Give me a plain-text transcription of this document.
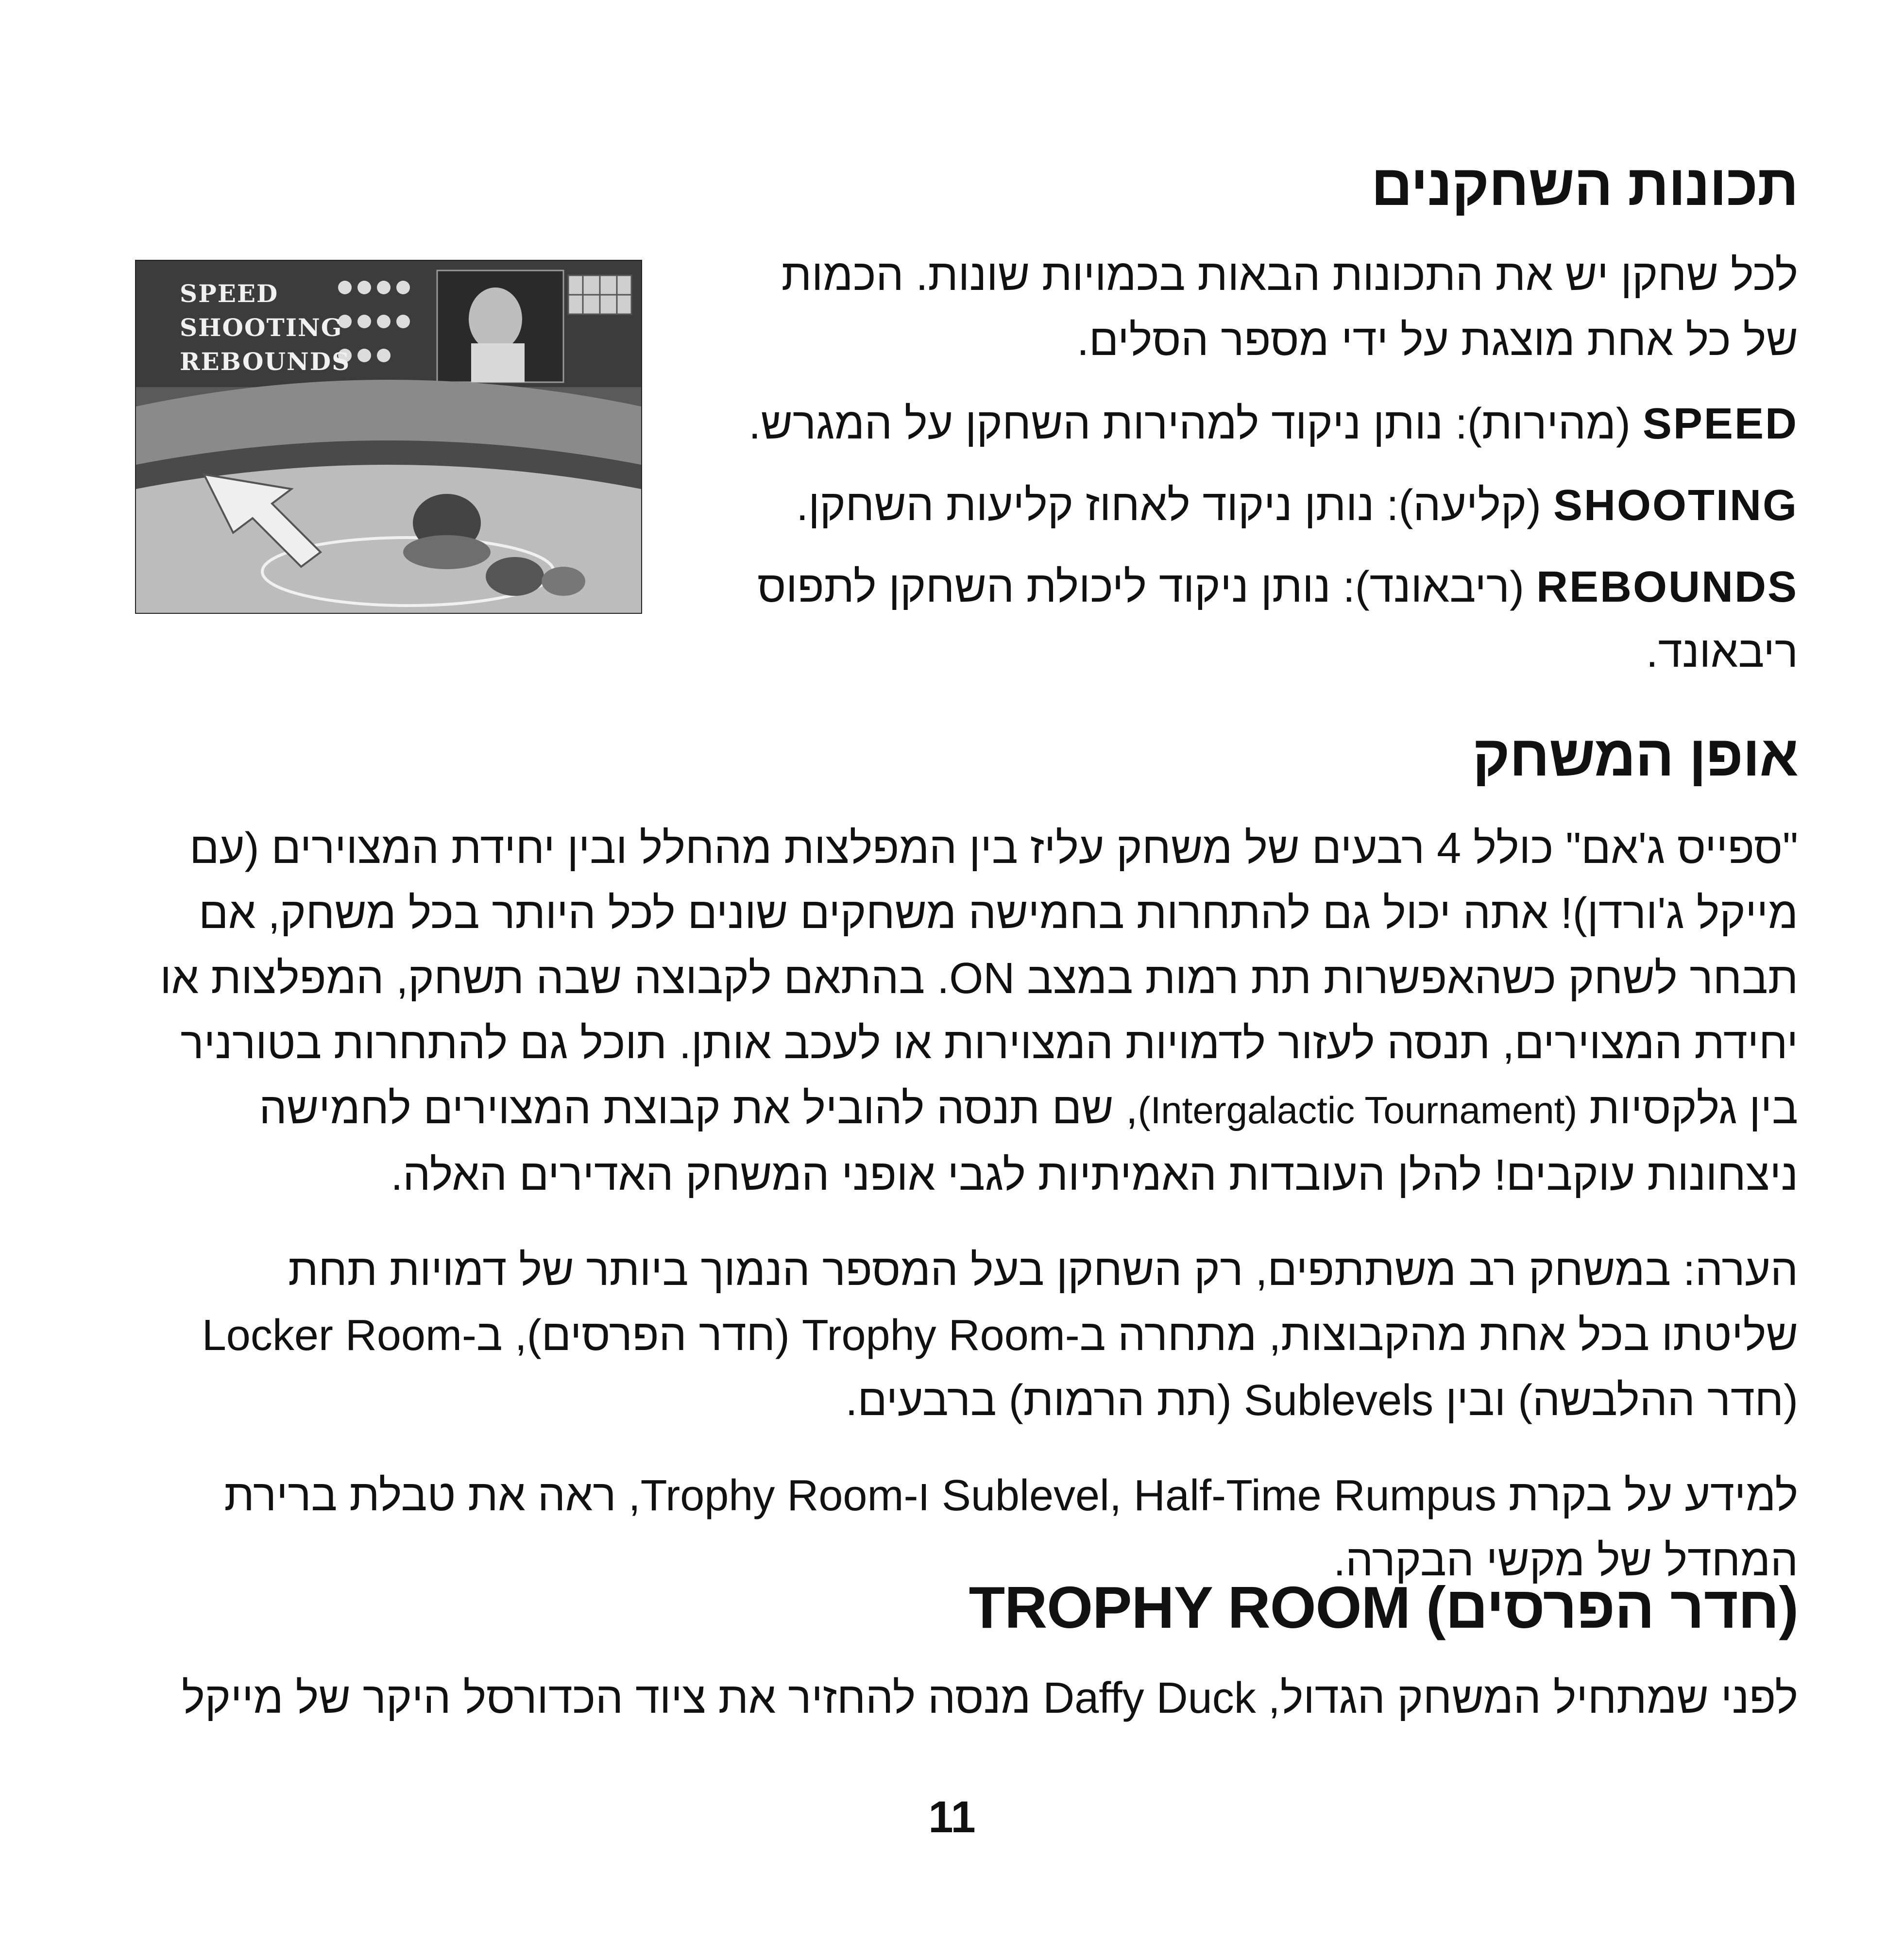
תכונות השחקנים
SPEED
SHOOTING
REBOUNDS

לכל שחקן יש את התכונות הבאות בכמויות שונות. הכמות של כל אחת מוצגת על ידי מספר הסלים.

SPEED (מהירות): נותן ניקוד למהירות השחקן על המגרש.

SHOOTING (קליעה): נותן ניקוד לאחוז קליעות השחקן.

REBOUNDS (ריבאונד): נותן ניקוד ליכולת השחקן לתפוס ריבאונד.

אופן המשחק

"ספייס ג'אם" כולל 4 רבעים של משחק עליז בין המפלצות מהחלל ובין יחידת המצוירים (עם מייקל ג'ורדן)! אתה יכול גם להתחרות בחמישה משחקים שונים לכל היותר בכל משחק, אם תבחר לשחק כשהאפשרות תת רמות במצב ON. בהתאם לקבוצה שבה תשחק, המפלצות או יחידת המצוירים, תנסה לעזור לדמויות המצוירות או לעכב אותן. תוכל גם להתחרות בטורניר בין גלקסיות (Intergalactic Tournament), שם תנסה להוביל את קבוצת המצוירים לחמישה ניצחונות עוקבים! להלן העובדות האמיתיות לגבי אופני המשחק האדירים האלה.

הערה: במשחק רב משתתפים, רק השחקן בעל המספר הנמוך ביותר של דמויות תחת שליטתו בכל אחת מהקבוצות, מתחרה ב-Trophy Room (חדר הפרסים), ב-Locker Room (חדר ההלבשה) ובין Sublevels (תת הרמות) ברבעים.

למידע על בקרת Sublevel, Half-Time Rumpus ו-Trophy Room, ראה את טבלת ברירת המחדל של מקשי הבקרה.

TROPHY ROOM (חדר הפרסים)

לפני שמתחיל המשחק הגדול, Daffy Duck מנסה להחזיר את ציוד הכדורסל היקר של מייקל

11
